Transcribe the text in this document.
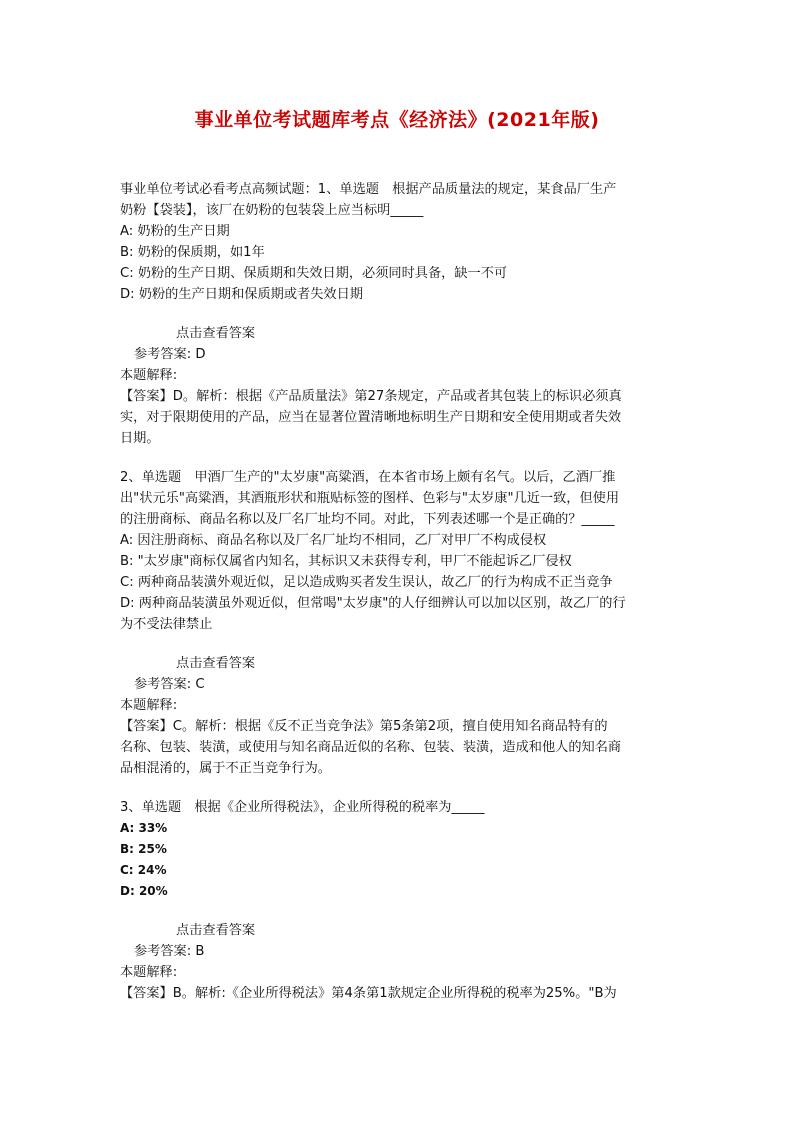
事业单位考试题库考点《经济法》(2021年版)

事业单位考试必看考点高频试题：1、单选题　根据产品质量法的规定，某食品厂生产

奶粉【袋装】，该厂在奶粉的包装袋上应当标明_____

A: 奶粉的生产日期

B: 奶粉的保质期，如1年

C: 奶粉的生产日期、保质期和失效日期，必须同时具备，缺一不可

D: 奶粉的生产日期和保质期或者失效日期

点击查看答案

参考答案: D

本题解释:

【答案】D。解析：根据《产品质量法》第27条规定，产品或者其包装上的标识必须真

实，对于限期使用的产品，应当在显著位置清晰地标明生产日期和安全使用期或者失效

日期。

2、单选题　甲酒厂生产的"太岁康"高粱酒，在本省市场上颇有名气。以后，乙酒厂推

出"状元乐"高粱酒，其酒瓶形状和瓶贴标签的图样、色彩与"太岁康"几近一致，但使用

的注册商标、商品名称以及厂名厂址均不同。对此，下列表述哪一个是正确的？_____

A: 因注册商标、商品名称以及厂名厂址均不相同，乙厂对甲厂不构成侵权

B: "太岁康"商标仅属省内知名，其标识又未获得专利，甲厂不能起诉乙厂侵权

C: 两种商品装潢外观近似，足以造成购买者发生误认，故乙厂的行为构成不正当竞争

D: 两种商品装潢虽外观近似，但常喝"太岁康"的人仔细辨认可以加以区别，故乙厂的行

为不受法律禁止

点击查看答案

参考答案: C

本题解释:

【答案】C。解析：根据《反不正当竞争法》第5条第2项，擅自使用知名商品特有的

名称、包装、装潢，或使用与知名商品近似的名称、包装、装潢，造成和他人的知名商

品相混淆的，属于不正当竞争行为。

3、单选题　根据《企业所得税法》，企业所得税的税率为_____

A: 33%

B: 25%

C: 24%

D: 20%

点击查看答案

参考答案: B

本题解释:

【答案】B。解析:《企业所得税法》第4条第1款规定企业所得税的税率为25%。"B为
